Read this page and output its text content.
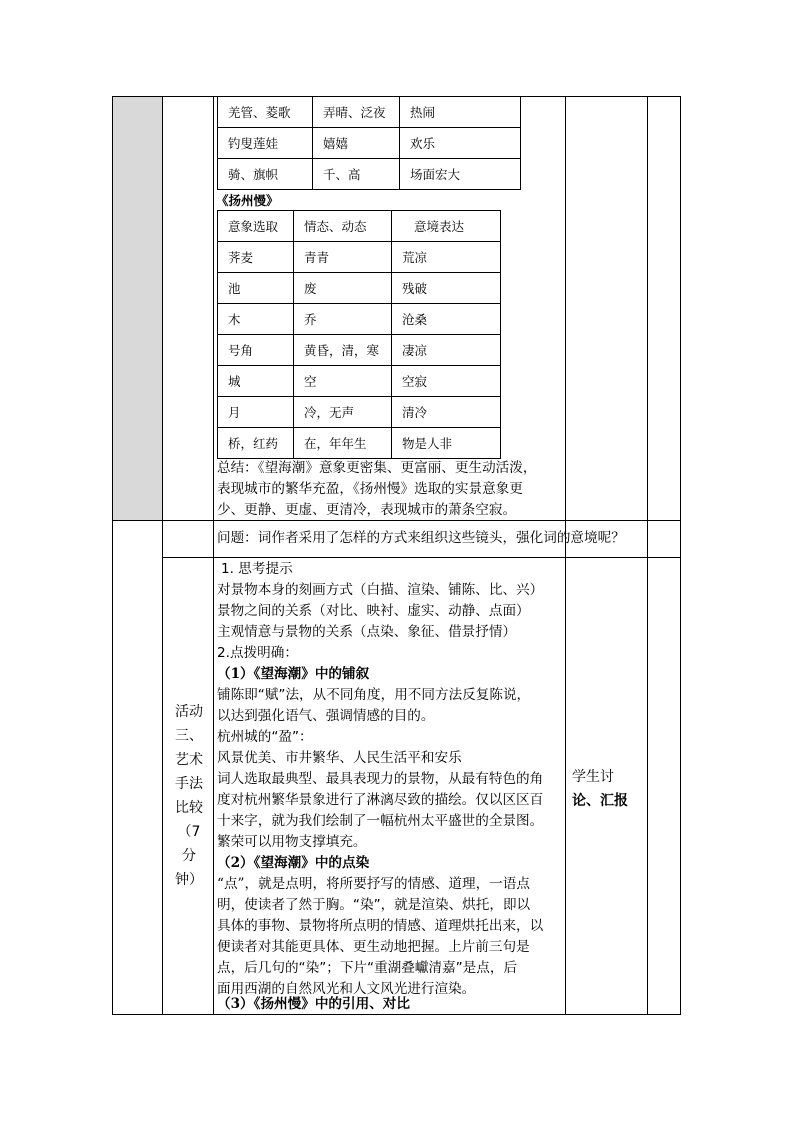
羌管、菱歌	弄晴、泛夜	热闹
钓叟莲娃	嬉嬉	欢乐
骑、旗帜	千、高	场面宏大
《扬州慢》
意象选取	情态、动态	意境表达
荠麦	青青	荒凉
池	废	残破
木	乔	沧桑
号角	黄昏，清，寒	凄凉
城	空	空寂
月	冷，无声	清冷
桥，红药	在，年年生	物是人非
总结：《望海潮》意象更密集、更富丽、更生动活泼，
表现城市的繁华充盈，《扬州慢》选取的实景意象更
少、更静、更虚、更清冷，表现城市的萧条空寂。
问题：词作者采用了怎样的方式来组织这些镜头，强化词的意境呢？
活动
三、
艺术
手法
比较
（7
分
钟）
学生讨
论、汇报
1. 思考提示
对景物本身的刻画方式（白描、渲染、铺陈、比、兴）
景物之间的关系（对比、映衬、虚实、动静、点面）
主观情意与景物的关系（点染、象征、借景抒情）
2.点拨明确：
（1）《望海潮》中的铺叙
铺陈即“赋”法，从不同角度，用不同方法反复陈说，
以达到强化语气、强调情感的目的。
杭州城的“盈”：
风景优美、市井繁华、人民生活平和安乐
词人选取最典型、最具表现力的景物，从最有特色的角
度对杭州繁华景象进行了淋漓尽致的描绘。仅以区区百
十来字，就为我们绘制了一幅杭州太平盛世的全景图。
繁荣可以用物支撑填充。
（2）《望海潮》中的点染
“点”，就是点明，将所要抒写的情感、道理，一语点
明，使读者了然于胸。“染”，就是渲染、烘托，即以
具体的事物、景物将所点明的情感、道理烘托出来，以
便读者对其能更具体、更生动地把握。上片前三句是
点，后几句的“染”；下片“重湖叠巘清嘉”是点，后
面用西湖的自然风光和人文风光进行渲染。
（3）《扬州慢》中的引用、对比
